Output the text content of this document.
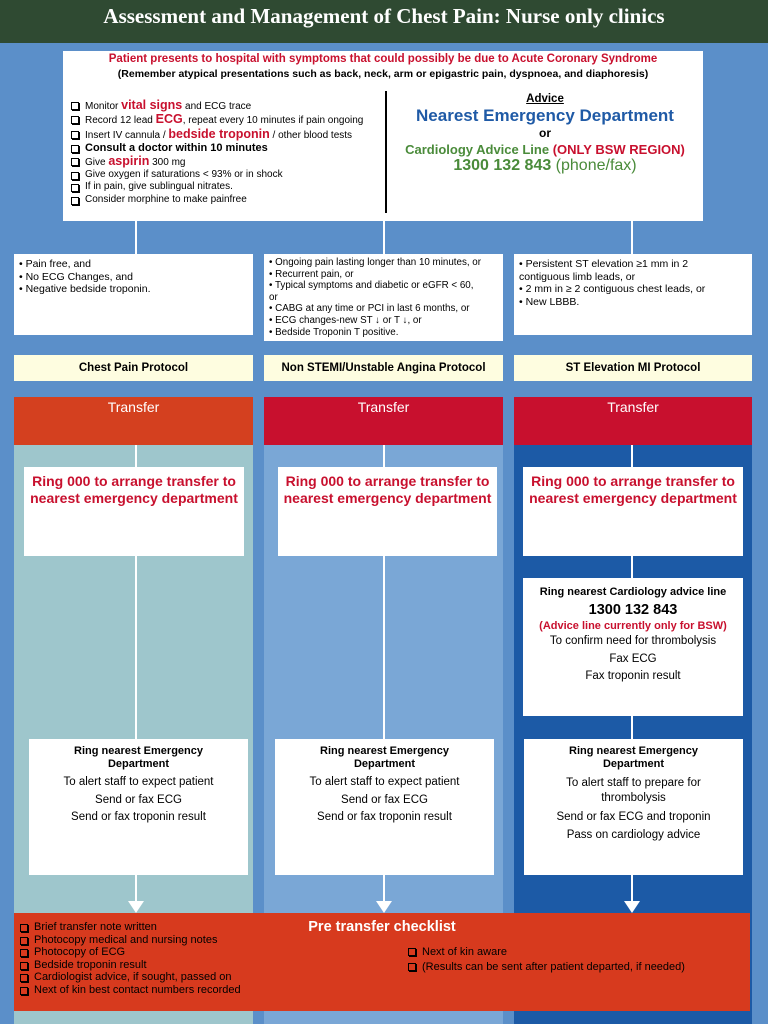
Assessment and Management of Chest Pain: Nurse only clinics
Patient presents to hospital with symptoms that could possibly be due to Acute Coronary Syndrome
(Remember atypical presentations such as back, neck, arm or epigastric pain, dyspnoea, and diaphoresis)
Monitor vital signs and ECG trace
Record 12 lead ECG, repeat every 10 minutes if pain ongoing
Insert IV cannula / bedside troponin / other blood tests
Consult a doctor within 10 minutes
Give aspirin 300 mg
Give oxygen if saturations < 93% or in shock
If in pain, give sublingual nitrates.
Consider morphine to make painfree
Advice
Nearest Emergency Department
or
Cardiology Advice Line (ONLY BSW REGION)
1300 132 843 (phone/fax)
• Pain free, and
• No ECG Changes, and
• Negative bedside troponin.
• Ongoing pain lasting longer than 10 minutes, or
• Recurrent pain, or
• Typical symptoms and diabetic or eGFR < 60,
or
• CABG at any time or PCI in last 6 months, or
• ECG changes-new ST ↓ or T ↓, or
• Bedside Troponin T positive.
• Persistent ST elevation ≥1 mm in 2
contiguous limb leads, or
• 2 mm in ≥ 2 contiguous chest leads, or
• New LBBB.
Chest Pain Protocol	Non STEMI/Unstable Angina Protocol	ST Elevation MI Protocol
Transfer	Transfer	Transfer
Ring 000 to arrange transfer to nearest emergency department
Ring 000 to arrange transfer to nearest emergency department
Ring 000 to arrange transfer to nearest emergency department
Ring nearest Cardiology advice line
1300 132 843
(Advice line currently only for BSW)
To confirm need for thrombolysis
Fax ECG
Fax troponin result
Ring nearest Emergency Department
To alert staff to expect patient
Send or fax ECG
Send or fax troponin result
Ring nearest Emergency Department
To alert staff to expect patient
Send or fax ECG
Send or fax troponin result
Ring nearest Emergency Department
To alert staff to prepare for thrombolysis
Send or fax ECG and troponin
Pass on cardiology advice
Pre transfer checklist
Brief transfer note written
Photocopy medical and nursing notes
Photocopy of ECG
Bedside troponin result
Cardiologist advice, if sought, passed on
Next of kin best contact numbers recorded
Next of kin aware
(Results can be sent after patient departed, if needed)
